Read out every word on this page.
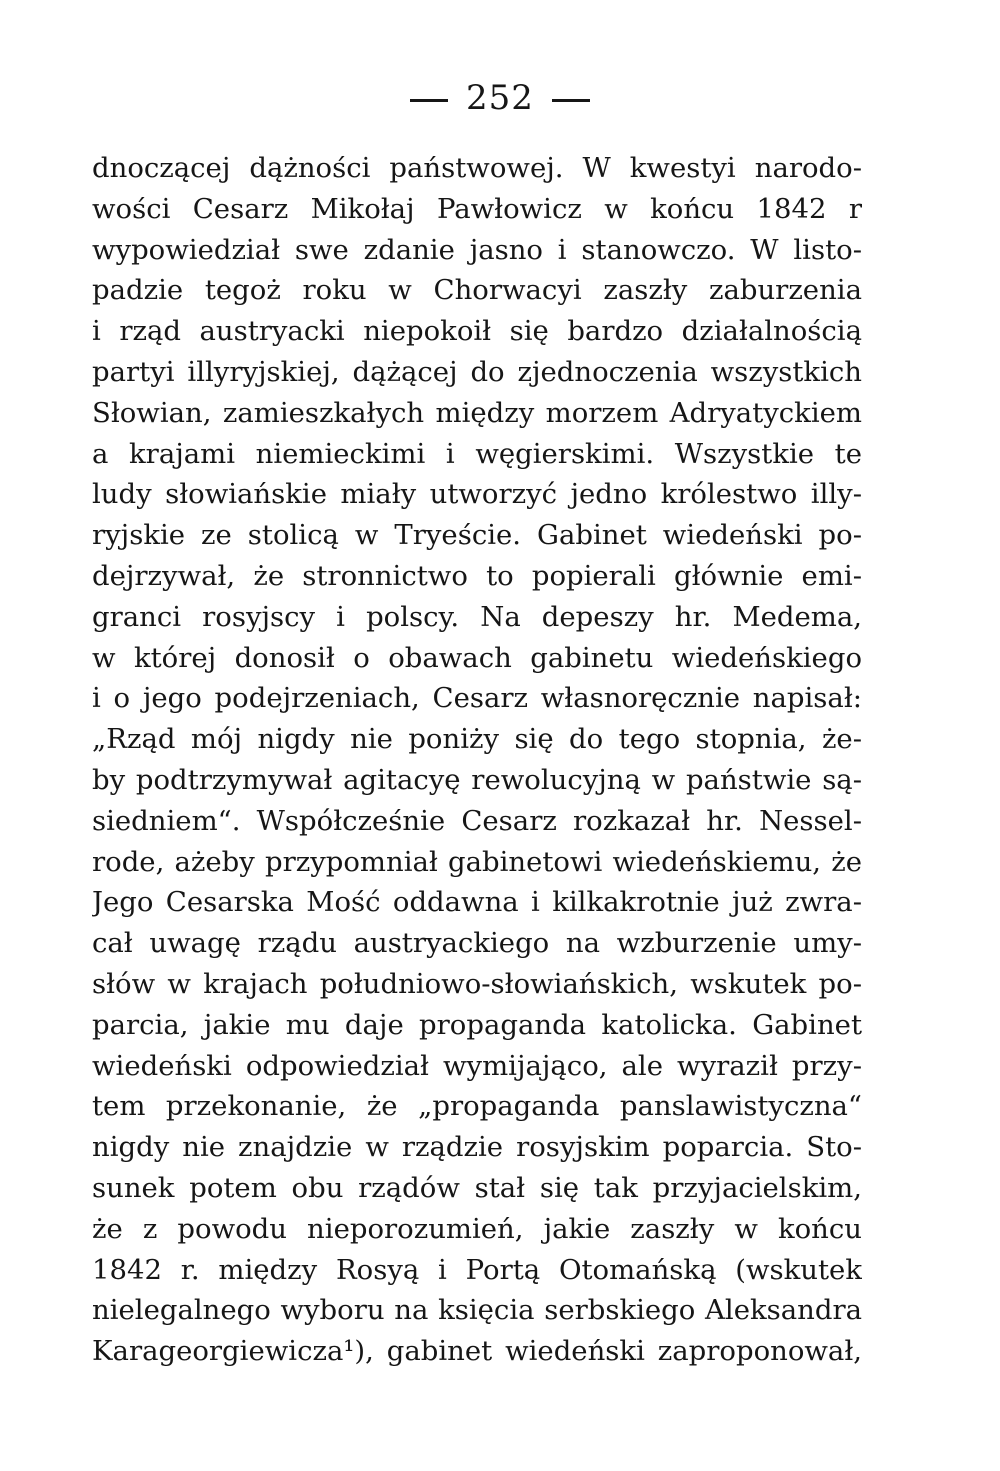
252
dnoczącej dążności państwowej. W kwestyi narodo-
wości Cesarz Mikołaj Pawłowicz w końcu 1842 r
wypowiedział swe zdanie jasno i stanowczo. W listo-
padzie tegoż roku w Chorwacyi zaszły zaburzenia
i rząd austryacki niepokoił się bardzo działalnością
partyi illyryjskiej, dążącej do zjednoczenia wszystkich
Słowian, zamieszkałych między morzem Adryatyckiem
a krajami niemieckimi i węgierskimi. Wszystkie te
ludy słowiańskie miały utworzyć jedno królestwo illy-
ryjskie ze stolicą w Tryeście. Gabinet wiedeński po-
dejrzywał, że stronnictwo to popierali głównie emi-
granci rosyjscy i polscy. Na depeszy hr. Medema,
w której donosił o obawach gabinetu wiedeńskiego
i o jego podejrzeniach, Cesarz własnoręcznie napisał:
„Rząd mój nigdy nie poniży się do tego stopnia, że-
by podtrzymywał agitacyę rewolucyjną w państwie są-
siedniem“. Współcześnie Cesarz rozkazał hr. Nessel-
rode, ażeby przypomniał gabinetowi wiedeńskiemu, że
Jego Cesarska Mość oddawna i kilkakrotnie już zwra-
cał uwagę rządu austryackiego na wzburzenie umy-
słów w krajach południowo-słowiańskich, wskutek po-
parcia, jakie mu daje propaganda katolicka. Gabinet
wiedeński odpowiedział wymijająco, ale wyraził przy-
tem przekonanie, że „propaganda panslawistyczna“
nigdy nie znajdzie w rządzie rosyjskim poparcia. Sto-
sunek potem obu rządów stał się tak przyjacielskim,
że z powodu nieporozumień, jakie zaszły w końcu
1842 r. między Rosyą i Portą Otomańską (wskutek
nielegalnego wyboru na księcia serbskiego Aleksandra
Karageorgiewicza¹), gabinet wiedeński zaproponował,
